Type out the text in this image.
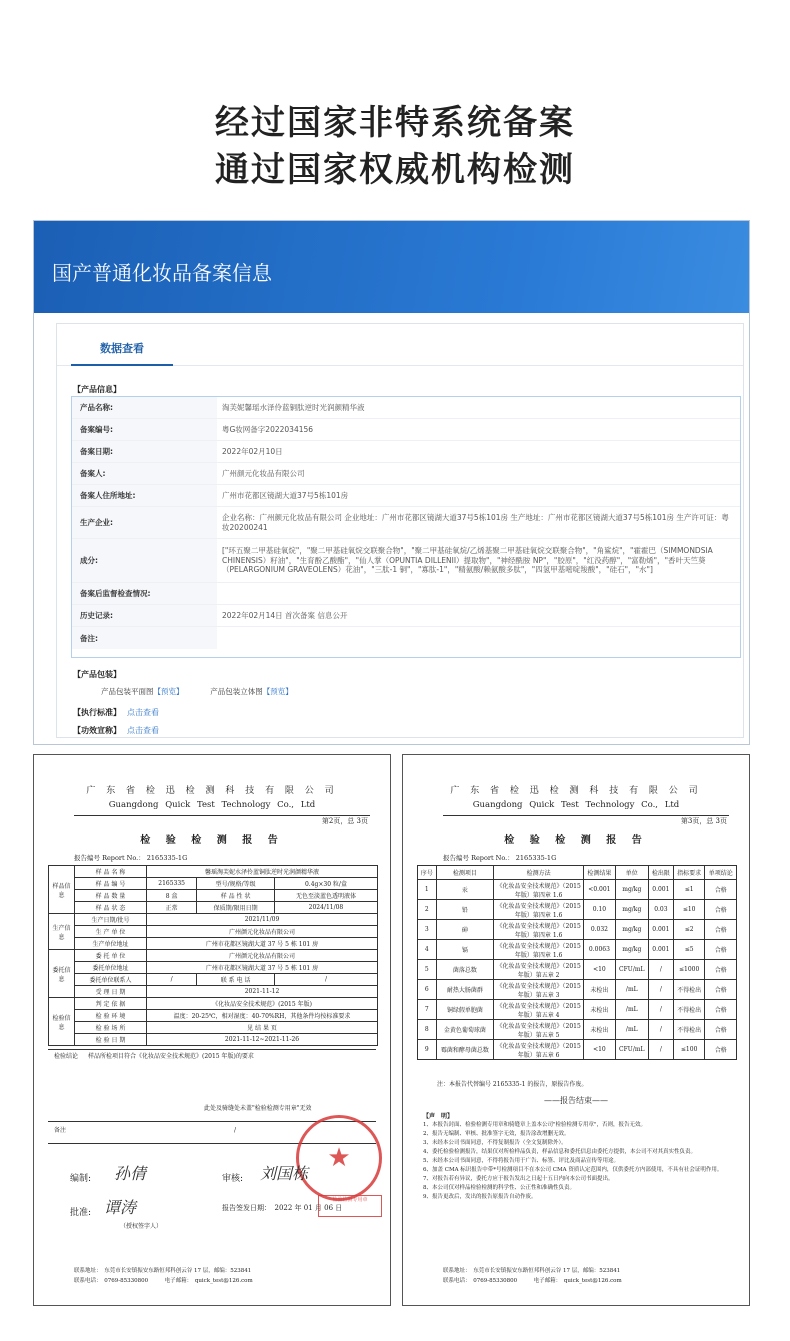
经过国家非特系统备案
通过国家权威机构检测
国产普通化妆品备案信息
数据查看
【产品信息】
产品名称:	淘芙妮馨瑶水泽伶蓝铜肽逆时光润颜精华液
备案编号:	粤G妆网备字2022034156
备案日期:	2022年02月10日
备案人:	广州颜元化妆品有限公司
备案人住所地址:	广州市花都区镜湖大道37号5栋101房
生产企业:
企业名称：广州颜元化妆品有限公司 企业地址：广州市花都区镜湖大道37号5栋101房 生产地址：广州市花都区镜湖大道37号5栋101房 生产许可证：粤妆20200241
成分:
["环五聚二甲基硅氧烷"，"聚二甲基硅氧烷交联聚合物"，"聚二甲基硅氧烷/乙烯基聚二甲基硅氧烷交联聚合物"，"角鲨烷"，"霍霍巴（SIMMONDSIA CHINENSIS）籽油"，"生育酚乙酸酯"，"仙人掌（OPUNTIA DILLENII）提取物"，"神经酰胺 NP"，"胶原"，"红没药醇"，"富勒烯"，"香叶天竺葵（PELARGONIUM GRAVEOLENS）花油"，"三肽-1 铜"，"寡肽-1"，"精氨酸/赖氨酸多肽"，"四氢甲基嘧啶羧酸"，"硅石"，"水"]
备案后监督检查情况:
历史记录:	2022年02月14日 首次备案 信息公开
备注:
【产品包装】
产品包装平面图【预览】	产品包装立体图【预览】
【执行标准】 点击查看
【功效宣称】 点击查看
广 东 省 检 迅 检 测 科 技 有 限 公 司
Guangdong Quick Test Technology Co., Ltd
第2页，总 3页
检 验 检 测 报 告
报告编号 Report No.： 2165335-1G
样品信息	样 品 名 称	馨瑶淘芙妮水泽伶蓝铜肽逆时光润颜精华液		
	样 品 编 号	2165335	型号/规格/等级	0.4g×30 粒/盒
	样 品 数 量	8 盒	样 品 性 状	无色至淡蓝色透明液体
	样 品 状 态	正常	保质期/限用日期	2024/11/08
生产信息	生产日期/批号	2021/11/09		
	生 产 单 位	广州颜元化妆品有限公司		
	生产单位地址	广州市花都区镜湖大道 37 号 5 栋 101 房		
委托信息	委 托 单 位	广州颜元化妆品有限公司		
	委托单位地址	广州市花都区镜湖大道 37 号 5 栋 101 房		
	委托单位联系人	/	联 系 电 话	/
	受 理 日 期	2021-11-12		
检验信息	判 定 依 据	《化妆品安全技术规范》(2015 年版)		
	检 验 环 境	温度：20-25℃，相对湿度：40-70%RH，其他条件均按标准要求		
	检 验 场 所	见 结 果 页		
	检 验 日 期	2021-11-12~2021-11-26		
检验结论	样品所检项目符合《化妆品安全技术规范》(2015 年版)的要求
此处及骑缝处未盖"检验检测专用章"无效
备注	/
★
检验检测专用章
编制: 孙倩	审核: 刘国栋
批准: 谭涛
（授权签字人）
报告签发日期：　2022 年 01 月 06 日
联系地址：　东莞市长安镇振安东路恒邦科创云谷 17 层，邮编：523841
联系电话：　0769-85330800　　　电子邮箱：　quick_test@126.com
广 东 省 检 迅 检 测 科 技 有 限 公 司
Guangdong Quick Test Technology Co., Ltd
第3页，总 3页
检 验 检 测 报 告
报告编号 Report No.： 2165335-1G
序号	检测项目	检测方法	检测结果	单位	检出限	指标要求	单项结论
1	汞	《化妆品安全技术规范》（2015年版）第四章 1.6	<0.001	mg/kg	0.001	≤1	合格
2	铅	《化妆品安全技术规范》（2015年版）第四章 1.6	0.10	mg/kg	0.03	≤10	合格
3	砷	《化妆品安全技术规范》（2015年版）第四章 1.6	0.032	mg/kg	0.001	≤2	合格
4	镉	《化妆品安全技术规范》（2015年版）第四章 1.6	0.0063	mg/kg	0.001	≤5	合格
5	菌落总数	《化妆品安全技术规范》（2015年版）第五章 2	<10	CFU/mL	/	≤1000	合格
6	耐热大肠菌群	《化妆品安全技术规范》（2015年版）第五章 3	未检出	/mL	/	不得检出	合格
7	铜绿假单胞菌	《化妆品安全技术规范》（2015年版）第五章 4	未检出	/mL	/	不得检出	合格
8	金黄色葡萄球菌	《化妆品安全技术规范》（2015年版）第五章 5	未检出	/mL	/	不得检出	合格
9	霉菌和酵母菌总数	《化妆品安全技术规范》（2015年版）第五章 6	<10	CFU/mL	/	≤100	合格
注：本报告代替编号 2165335-1 的报告，原报告作废。
——报告结束——
【声　明】
1、本报告封面、检验检测专用章和骑缝章上盖本公司"检验检测专用章"，否则，报告无效。
2、报告无编制、审核、批准签字无效，报告涂改增删无效。
3、未经本公司书面同意，不得复制报告（全文复制除外）。
4、委托检验检测报告，结果仅对所检样品负责，样品信息和委托信息由委托方提供，本公司不对其真实性负责。
5、未经本公司书面同意，不得将报告用于广告、标签、评比及商品宣传等用途。
6、加盖 CMA 标识报告中带*号检测项目不在本公司 CMA 资质认定范围内，仅供委托方内部使用，不具有社会证明作用。
7、对报告若有异议，委托方应于报告发出之日起十五日内向本公司书面提出。
8、本公司仅对样品检验检测的科学性、公正性和准确性负责。
9、报告更改后，发出的报告原报告自动作废。
联系地址：　东莞市长安镇振安东路恒邦科创云谷 17 层，邮编：523841
联系电话：　0769-85330800　　　电子邮箱：　quick_test@126.com
